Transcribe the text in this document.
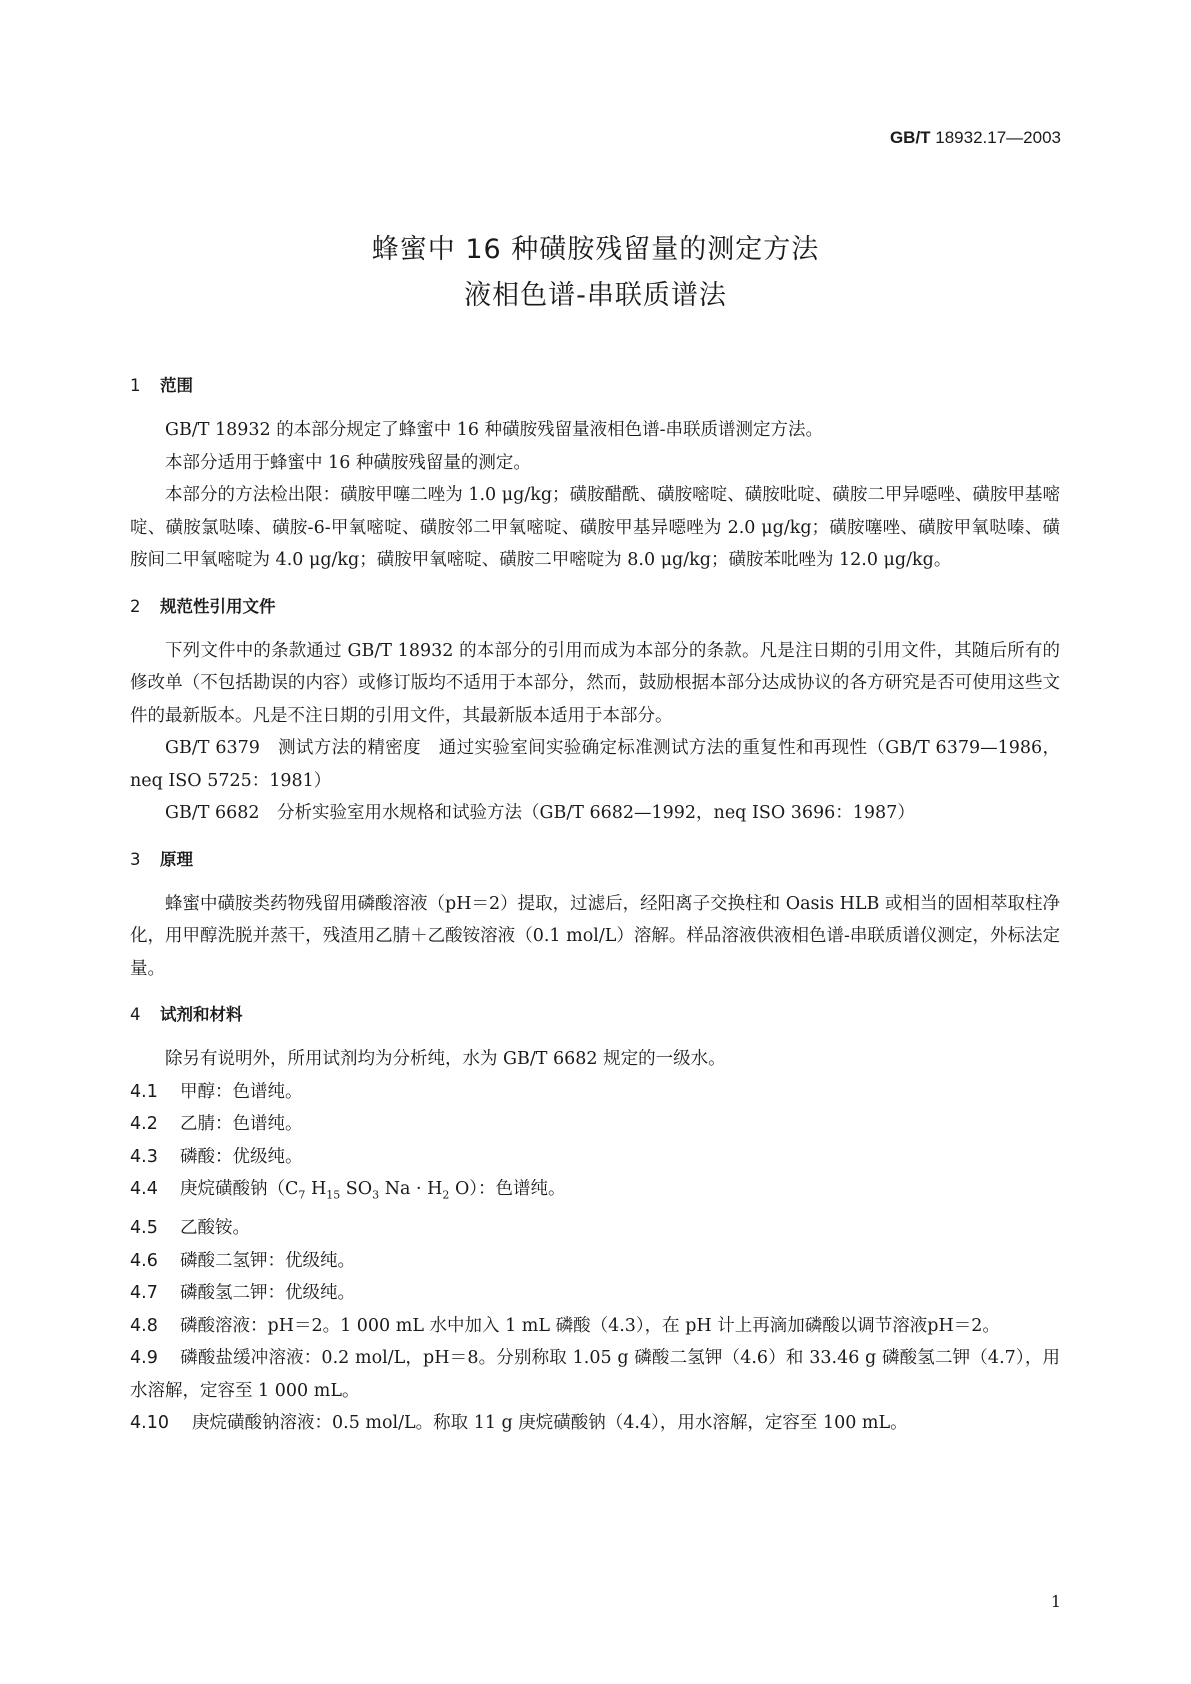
GB/T 18932.17—2003
蜂蜜中 16 种磺胺残留量的测定方法
液相色谱-串联质谱法
1 范围

GB/T 18932 的本部分规定了蜂蜜中 16 种磺胺残留量液相色谱-串联质谱测定方法。

本部分适用于蜂蜜中 16 种磺胺残留量的测定。

本部分的方法检出限：磺胺甲噻二唑为 1.0 μg/kg；磺胺醋酰、磺胺嘧啶、磺胺吡啶、磺胺二甲异噁唑、磺胺甲基嘧啶、磺胺氯哒嗪、磺胺-6-甲氧嘧啶、磺胺邻二甲氧嘧啶、磺胺甲基异噁唑为 2.0 μg/kg；磺胺噻唑、磺胺甲氧哒嗪、磺胺间二甲氧嘧啶为 4.0 μg/kg；磺胺甲氧嘧啶、磺胺二甲嘧啶为 8.0 μg/kg；磺胺苯吡唑为 12.0 μg/kg。

2 规范性引用文件

下列文件中的条款通过 GB/T 18932 的本部分的引用而成为本部分的条款。凡是注日期的引用文件，其随后所有的修改单（不包括勘误的内容）或修订版均不适用于本部分，然而，鼓励根据本部分达成协议的各方研究是否可使用这些文件的最新版本。凡是不注日期的引用文件，其最新版本适用于本部分。

GB/T 6379　测试方法的精密度　通过实验室间实验确定标准测试方法的重复性和再现性（GB/T 6379—1986，neq ISO 5725：1981）

GB/T 6682　分析实验室用水规格和试验方法（GB/T 6682—1992，neq ISO 3696：1987）

3 原理

蜂蜜中磺胺类药物残留用磷酸溶液（pH＝2）提取，过滤后，经阳离子交换柱和 Oasis HLB 或相当的固相萃取柱净化，用甲醇洗脱并蒸干，残渣用乙腈＋乙酸铵溶液（0.1 mol/L）溶解。样品溶液供液相色谱-串联质谱仪测定，外标法定量。

4 试剂和材料

除另有说明外，所用试剂均为分析纯，水为 GB/T 6682 规定的一级水。

4.1 甲醇：色谱纯。

4.2 乙腈：色谱纯。

4.3 磷酸：优级纯。

4.4 庚烷磺酸钠（$C_7$ $H_{15}$ $SO_3$ $Na \cdot H_2$ O）：色谱纯。

4.5 乙酸铵。

4.6 磷酸二氢钾：优级纯。

4.7 磷酸氢二钾：优级纯。

4.8 磷酸溶液：pH＝2。1 000 mL 水中加入 1 mL 磷酸（4.3），在 pH 计上再滴加磷酸以调节溶液pH＝2。

4.9 磷酸盐缓冲溶液：0.2 mol/L，pH＝8。分别称取 1.05 g 磷酸二氢钾（4.6）和 33.46 g 磷酸氢二钾（4.7），用水溶解，定容至 1 000 mL。

4.10 庚烷磺酸钠溶液：0.5 mol/L。称取 11 g 庚烷磺酸钠（4.4），用水溶解，定容至 100 mL。

1
